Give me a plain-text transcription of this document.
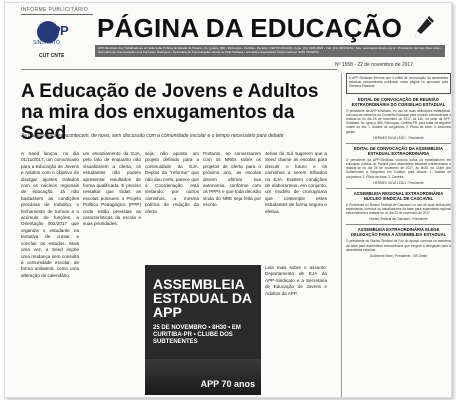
INFORME PUBLICITÁRIO
APP
SINDICATO
CUT CNTE
PÁGINA DA EDUCAÇÃO
APP-Sindicato dos Trabalhadores em Educação Pública do Estado do Paraná • Av. Iguaçu, 880 • Rebouças • Curitiba • Paraná • CEP 80.230-020 • Fone: (41) 3026-9822 • Fax: (41) 3222-5261 • Site: www.appsindicato.org.br • Presidente: Hermes Silva Leão • Secretário de Comunicação: Luiz Fernando Rodrigues • Secretária de Comunicação: Vanda do Pilar Santana • Jornalista responsável: Pedro Carrano (MTb 7224/PR)
Nº 1558 - 22 de novembro de 2017
A Educação de Jovens e Adultos na mira dos enxugamentos da Seed
As transformações acontecem, de novo, sem discussão com a comunidade escolar e o tempo necessário para debate

A Seed lançou, no dia 01/11/2017, um comunicado para a Educação de Jovens e Adultos com o objetivo de divulgar ajustes tratados com os núcleos regionais de educação. Já não bastassem as condições precárias de trabalho, o fechamento de turmas e o acúmulo de funções, a Orientação 002/2017 que organiza o estudante na tentativa de cursar e concluir os estudos. Mais uma vez, a Seed impõe uma mudança sem consulta à comunidade escolar, de forma unilateral, como uma alteração de calendário.

um esvaziamento da EJA, pelo fato de enquanto não visualizarem a oferta, os estudantes não podem apresentar resultados de forma qualificada. É preciso ressaltar que todas as escolas possuem o Projeto Político Pedagógico (PPP) onde estão previstas as características da escola e suas prioridades.

seja, não aponta um projeto definido para a continuidade da EJA. Depois da "reforma" que não deu certo, parece que a Coordenação está tentando, por outros caminhos, a mesma política de redução da oferta.

Portanto, ao conversarem com os NREs sobre os projetos de oferta para o próximo ano, as escolas devem afirmar sua autonomia, conforme com os PPPs e que toda decisão vinda do NRE seja feita por escrito.

Jerias do Sul sugerem que a Seed chame as escolas para discutir o futuro e os caminhos a serem trilhados na EJA. Existem condições de elaborarmos, em conjunto, um modelo de cronograma que contemple estes estudantes de forma segura e efetiva.

Leia mais sobre o assunto: Departamento de EJA da APP-Sindicato e a Secretaria de Educação de Jovens e Adultos da APP.

ASSEMBLEIA ESTADUAL DA APP
25 DE NOVEMBRO • 8H30 • EM CURITIBA-PR • CLUBE DOS SUBTENENTES
APP 70 anos
A APP-Sindicato informa que o edital de convocação da assembleia estadual extraordinária publicado nesta página foi aprovado pela Diretoria Estadual.
EDITAL DE CONVOCAÇÃO DE REUNIÃO EXTRAORDINÁRIA DO CONSELHO ESTADUAL
O presidente da APP-Sindicato, no uso de suas atribuições estatutárias, convoca os membros do Conselho Estadual para reunião extraordinária a realizar-se no dia 24 de novembro de 2017, às 14h, na sede da APP-Sindicato, Av. Iguaçu, 880, Rebouças, Curitiba-PR, para tratar da seguinte ordem do dia: 1. Análise de conjuntura; 2. Plano de lutas; 3. Assuntos gerais.
HERMES SILVA LEÃO - Presidente
EDITAL DE CONVOCAÇÃO DA ASSEMBLEIA ESTADUAL EXTRAORDINÁRIA
O presidente da APP-Sindicato convoca todos os trabalhadores em educação pública do Paraná para assembleia estadual extraordinária a realizar-se no dia 25 de novembro de 2017, às 8h30, no Clube dos Subtenentes e Sargentos em Curitiba, para discutir: 1. Análise de conjuntura; 2. Plano de lutas; 3. Carreira.
HERMES SILVA LEÃO - Presidente
ASSEMBLEIA REGIONAL EXTRAORDINÁRIA NÚCLEO SINDICAL DE CASCAVEL
A Presidente do Núcleo Sindical de Cascavel, no uso de suas atribuições estatutárias, convoca os trabalhadores da base para assembleia regional extraordinária a realizar-se no dia 23 de novembro de 2017.
Núcleo Sindical de Cascavel - Presidente
ASSEMBLEIA EXTRAORDINÁRIA ELEGE DELEGAÇÃO PARA A ASSEMBLEIA ESTADUAL
O presidente do Núcleo Sindical de Foz do Iguaçu convoca os membros da base para assembleia extraordinária que elegerá a delegação para a assembleia estadual.
Guilherme Marc | Presidente - NS Oeste
